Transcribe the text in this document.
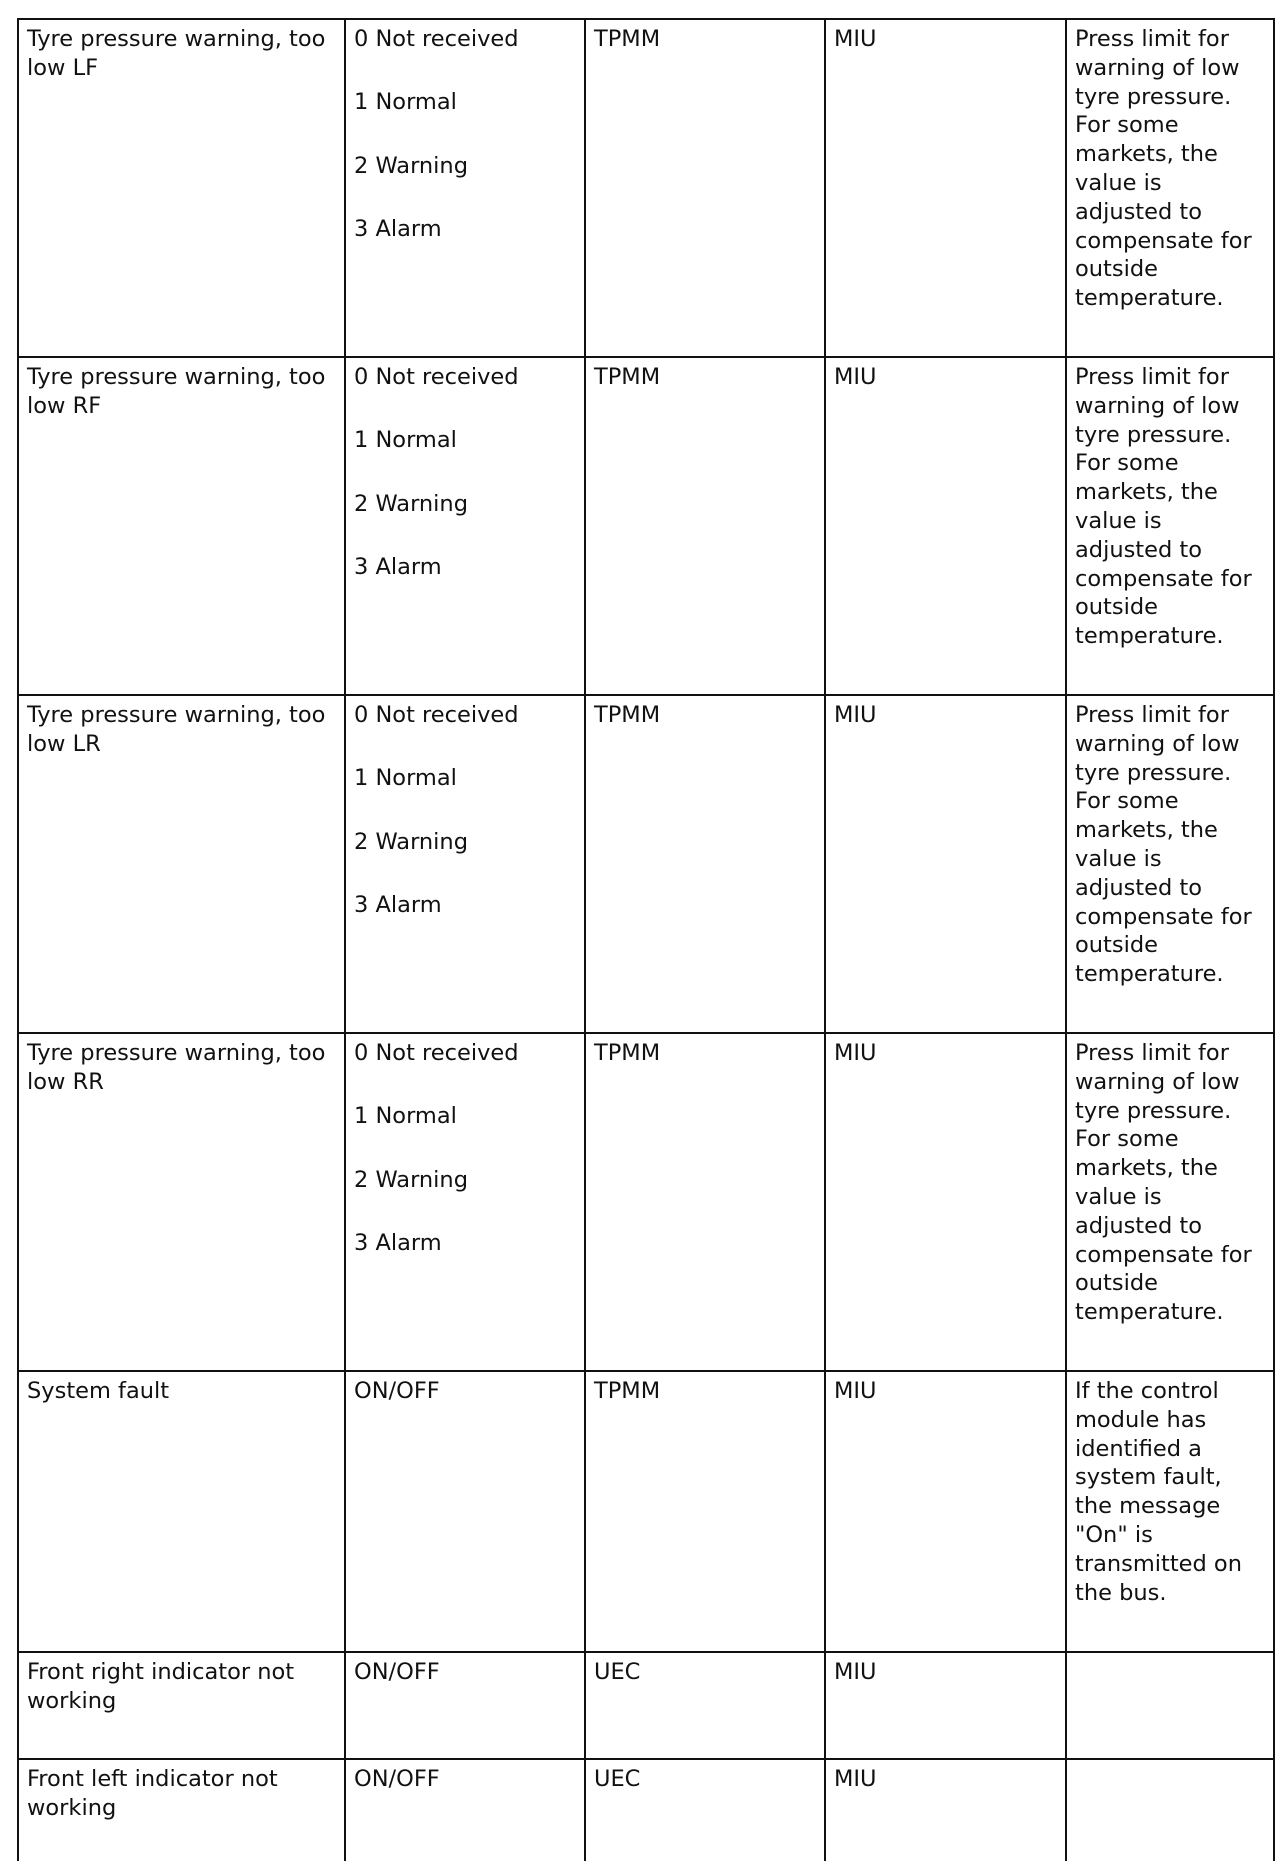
Tyre pressure warning, too low LF	0 Not received
1 Normal
2 Warning
3 Alarm	TPMM	MIU	Press limit for warning of low tyre pressure. For some markets, the value is adjusted to compensate for outside temperature.
Tyre pressure warning, too low RF	0 Not received
1 Normal
2 Warning
3 Alarm	TPMM	MIU	Press limit for warning of low tyre pressure. For some markets, the value is adjusted to compensate for outside temperature.
Tyre pressure warning, too low LR	0 Not received
1 Normal
2 Warning
3 Alarm	TPMM	MIU	Press limit for warning of low tyre pressure. For some markets, the value is adjusted to compensate for outside temperature.
Tyre pressure warning, too low RR	0 Not received
1 Normal
2 Warning
3 Alarm	TPMM	MIU	Press limit for warning of low tyre pressure. For some markets, the value is adjusted to compensate for outside temperature.
System fault	ON/OFF	TPMM	MIU	If the control module has identified a system fault, the message "On" is transmitted on the bus.
Front right indicator not working	ON/OFF	UEC	MIU	
Front left indicator not working	ON/OFF	UEC	MIU	
